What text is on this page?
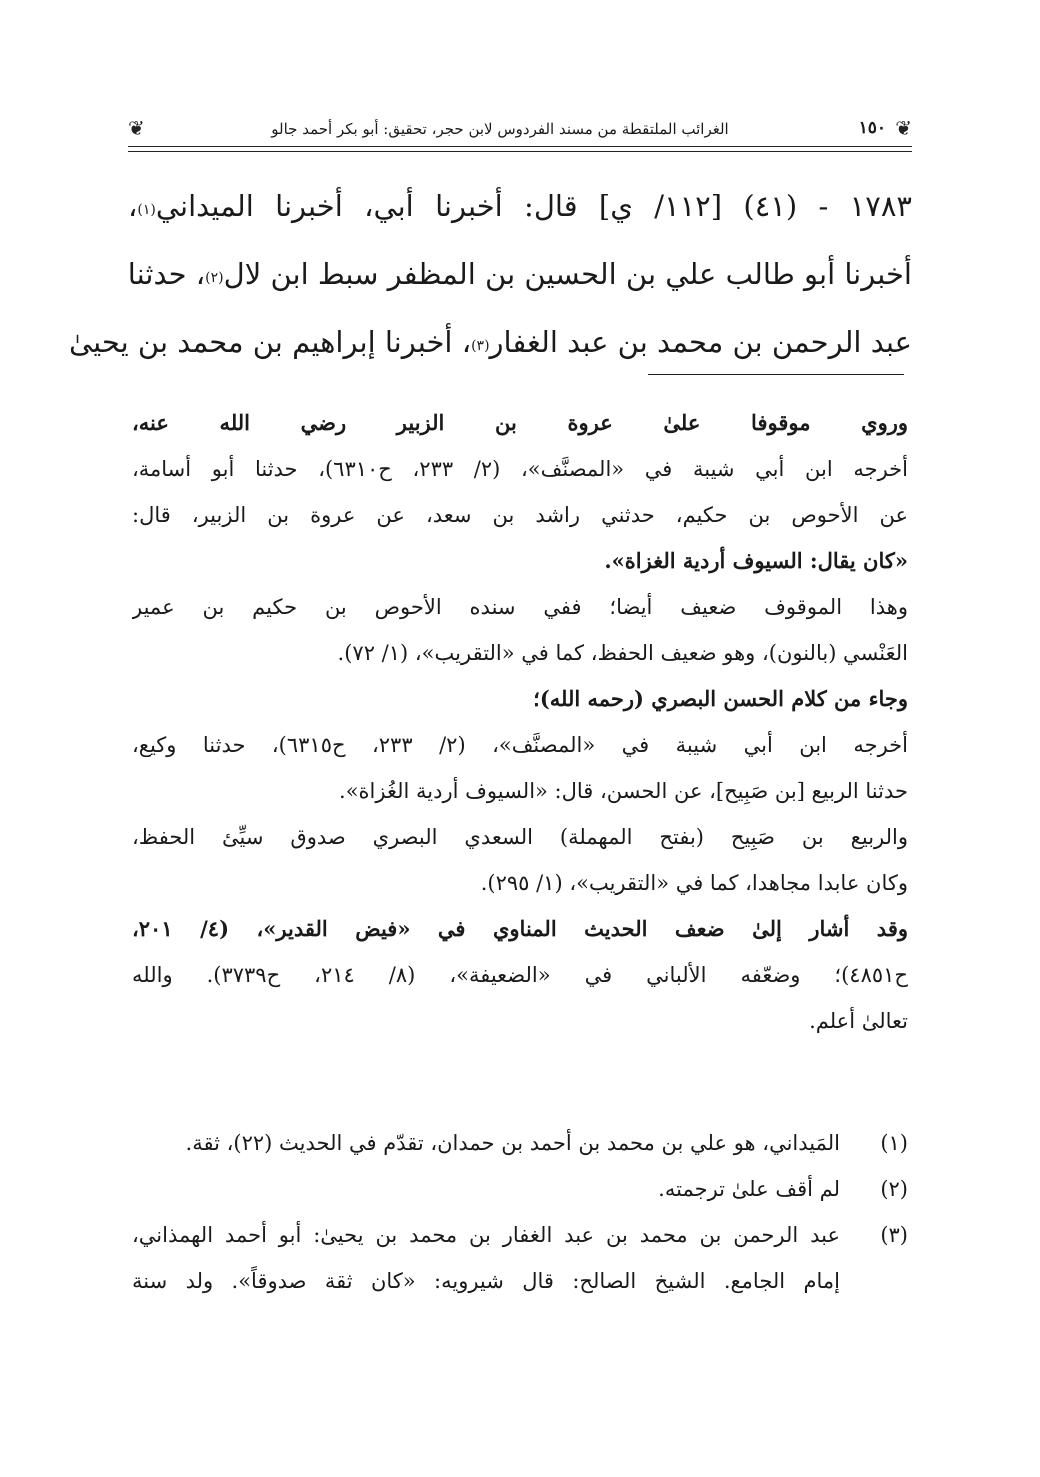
❦
١٥٠
الغرائب الملتقطة من مسند الفردوس لابن حجر، تحقيق: أبو بكر أحمد جالو
❦

١٧٨٣ - (٤١) [١١٢/ ي] قال: أخبرنا أبي، أخبرنا الميداني$^{(١)}$،

أخبرنا أبو طالب علي بن الحسين بن المظفر سبط ابن لال$^{(٢)}$، حدثنا

عبد الرحمن بن محمد بن عبد الغفار$^{(٣)}$، أخبرنا إبراهيم بن محمد بن يحيىٰ

وروي موقوفا علىٰ عروة بن الزبير رضي الله عنه،
أخرجه ابن أبي شيبة في «المصنَّف»، (٢/ ٢٣٣، ح٦٣١٠)، حدثنا أبو أسامة،
عن الأحوص بن حكيم، حدثني راشد بن سعد، عن عروة بن الزبير، قال:
«كان يقال: السيوف أردية الغزاة».
وهذا الموقوف ضعيف أيضا؛ ففي سنده الأحوص بن حكيم بن عمير
العَنْسي (بالنون)، وهو ضعيف الحفظ، كما في «التقريب»، (١/ ٧٢).
وجاء من كلام الحسن البصري (رحمه الله)؛
أخرجه ابن أبي شيبة في «المصنَّف»، (٢/ ٢٣٣، ح٦٣١٥)، حدثنا وكيع،
حدثنا الربيع [بن صَبِيح]، عن الحسن، قال: «السيوف أردية الغُزاة».
والربيع بن صَبِيح (بفتح المهملة) السعدي البصري صدوق سيِّئ الحفظ،
وكان عابدا مجاهدا، كما في «التقريب»، (١/ ٢٩٥).
وقد أشار إلىٰ ضعف الحديث المناوي في «فيض القدير»، (٤/ ٢٠١،
ح٤٨٥١)؛ وضعّفه الألباني في «الضعيفة»، (٨/ ٢١٤، ح٣٧٣٩). والله
تعالىٰ أعلم.
(١)
المَيداني، هو علي بن محمد بن أحمد بن حمدان، تقدّم في الحديث (٢٢)، ثقة.
(٢)
لم أقف علىٰ ترجمته.
(٣)
عبد الرحمن بن محمد بن عبد الغفار بن محمد بن يحيىٰ: أبو أحمد الهمذاني،
إمام الجامع. الشيخ الصالح: قال شيرويه: «كان ثقة صدوقاً». ولد سنة
